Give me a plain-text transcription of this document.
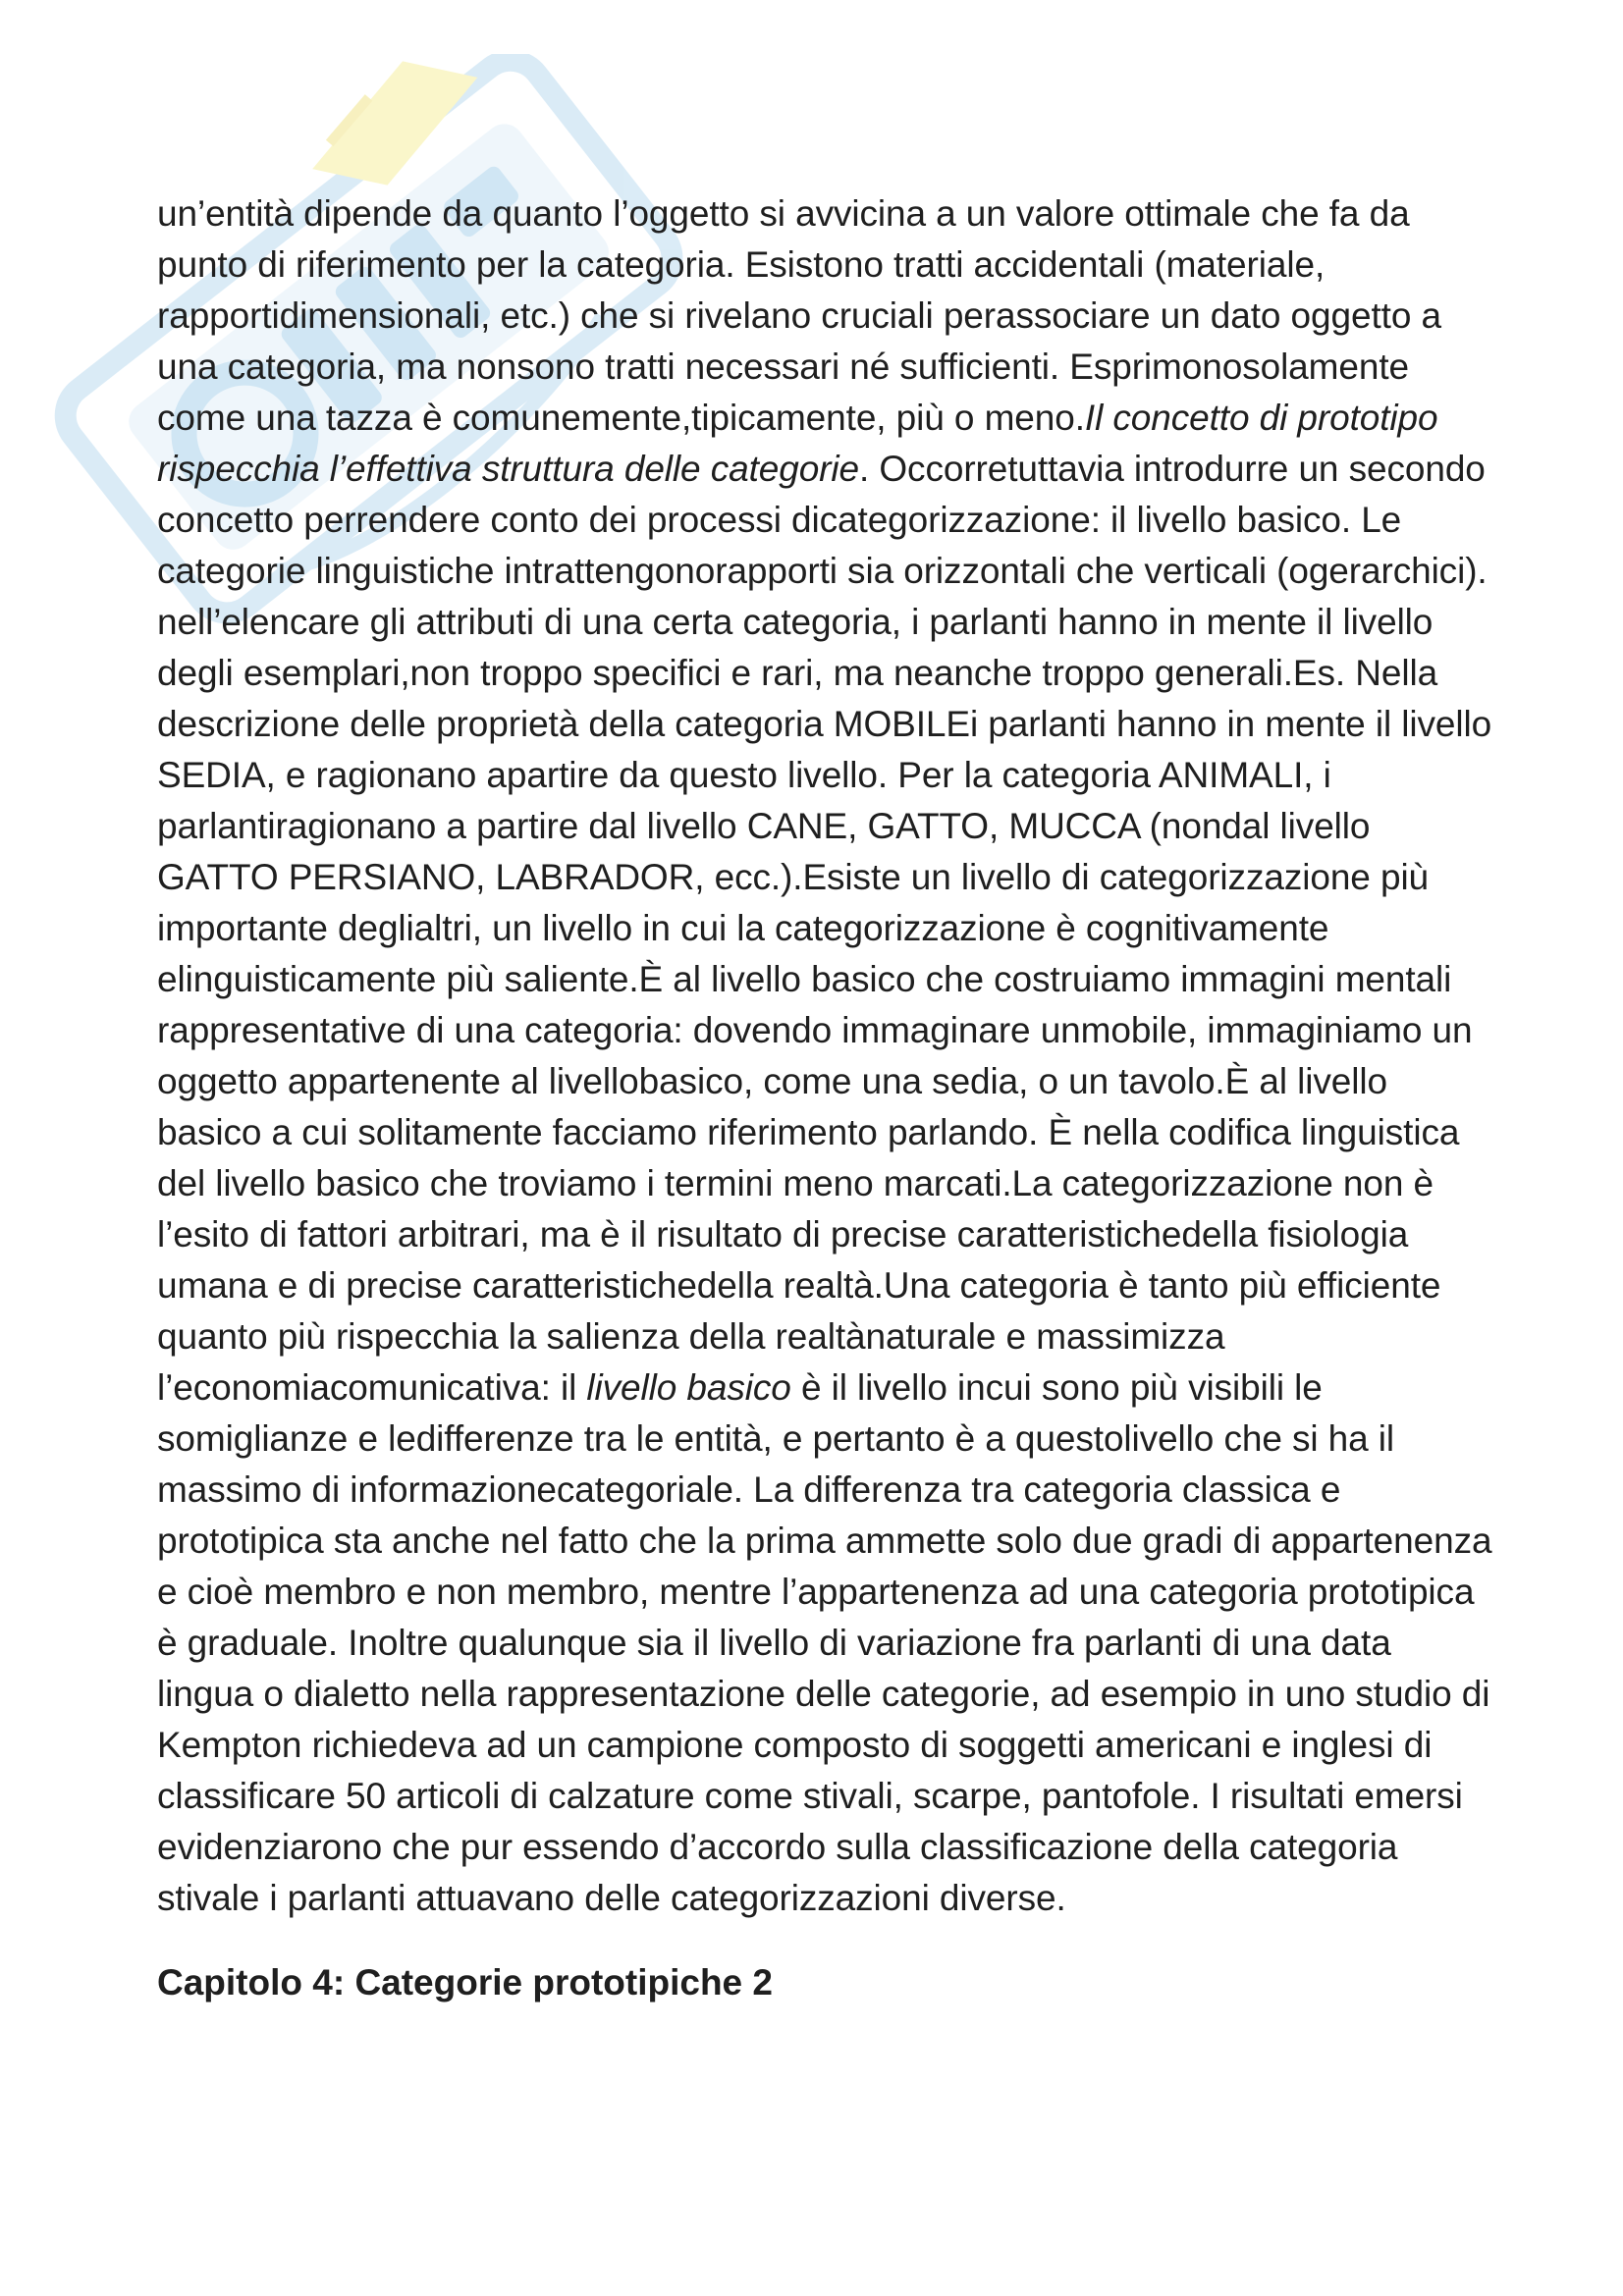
un’entità dipende da quanto l’oggetto si avvicina a un valore ottimale che fa da punto di riferimento per la categoria. Esistono tratti accidentali (materiale, rapportidimensionali, etc.) che si rivelano cruciali perassociare un dato oggetto a una categoria, ma nonsono tratti necessari né sufficienti. Esprimonosolamente come una tazza è comunemente,tipicamente, più o meno.Il concetto di prototipo rispecchia l’effettiva struttura delle categorie. Occorretuttavia introdurre un secondo concetto perrendere conto dei processi dicategorizzazione: il livello basico. Le categorie linguistiche intrattengonorapporti sia orizzontali che verticali (ogerarchici). nell’elencare gli attributi di una certa categoria, i parlanti hanno in mente il livello degli esemplari,non troppo specifici e rari, ma neanche troppo generali.Es. Nella descrizione delle proprietà della categoria MOBILEi parlanti hanno in mente il livello SEDIA, e ragionano apartire da questo livello. Per la categoria ANIMALI, i parlantiragionano a partire dal livello CANE, GATTO, MUCCA (nondal livello GATTO PERSIANO, LABRADOR, ecc.).Esiste un livello di categorizzazione più importante deglialtri, un livello in cui la categorizzazione è cognitivamente elinguisticamente più saliente.È al livello basico che costruiamo immagini mentali rappresentative di una categoria: dovendo immaginare unmobile, immaginiamo un oggetto appartenente al livellobasico, come una sedia, o un tavolo.È al livello basico a cui solitamente facciamo riferimento parlando. È nella codifica linguistica del livello basico che troviamo i termini meno marcati.La categorizzazione non è l’esito di fattori arbitrari, ma è il risultato di precise caratteristichedella fisiologia umana e di precise caratteristichedella realtà.Una categoria è tanto più efficiente quanto più rispecchia la salienza della realtànaturale e massimizza l’economiacomunicativa: il livello basico è il livello incui sono più visibili le somiglianze e ledifferenze tra le entità, e pertanto è a questolivello che si ha il massimo di informazionecategoriale. La differenza tra categoria classica e prototipica sta anche nel fatto che la prima ammette solo due gradi di appartenenza e cioè membro e non membro, mentre l’appartenenza ad una categoria prototipica è graduale. Inoltre qualunque sia il livello di variazione fra parlanti di una data lingua o dialetto nella rappresentazione delle categorie, ad esempio in uno studio di Kempton richiedeva ad un campione composto di soggetti americani e inglesi di classificare 50 articoli di calzature come stivali, scarpe, pantofole. I risultati emersi evidenziarono che pur essendo d’accordo sulla classificazione della categoria stivale i parlanti attuavano delle categorizzazioni diverse.

Capitolo 4: Categorie prototipiche 2
